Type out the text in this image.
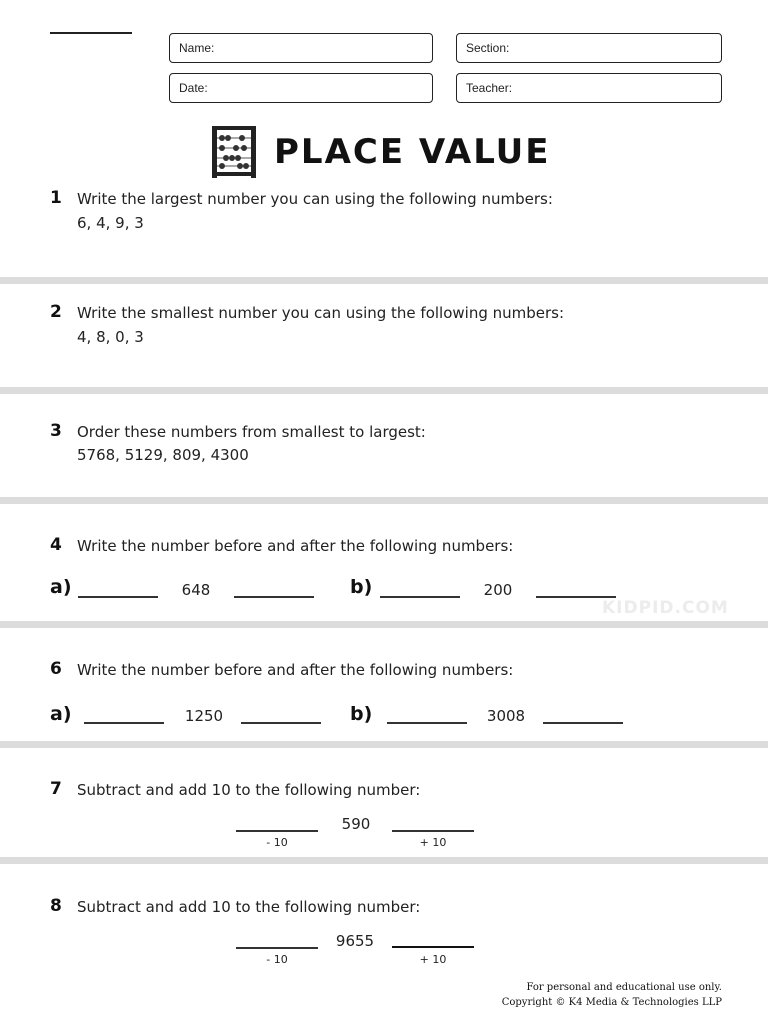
Name:	Section:
Date:	Teacher:
PLACE VALUE
1 Write the largest number you can using the following numbers:
6, 4, 9, 3
2 Write the smallest number you can using the following numbers:
4, 8, 0, 3
3 Order these numbers from smallest to largest:
5768, 5129, 809, 4300
4 Write the number before and after the following numbers:
a)	648	b)	200
KIDPID.COM
6 Write the number before and after the following numbers:
a)	1250	b)	3008
7 Subtract and add 10 to the following number:
- 10
590
+ 10
8 Subtract and add 10 to the following number:
- 10
9655
+ 10
For personal and educational use only.
Copyright © K4 Media & Technologies LLP
